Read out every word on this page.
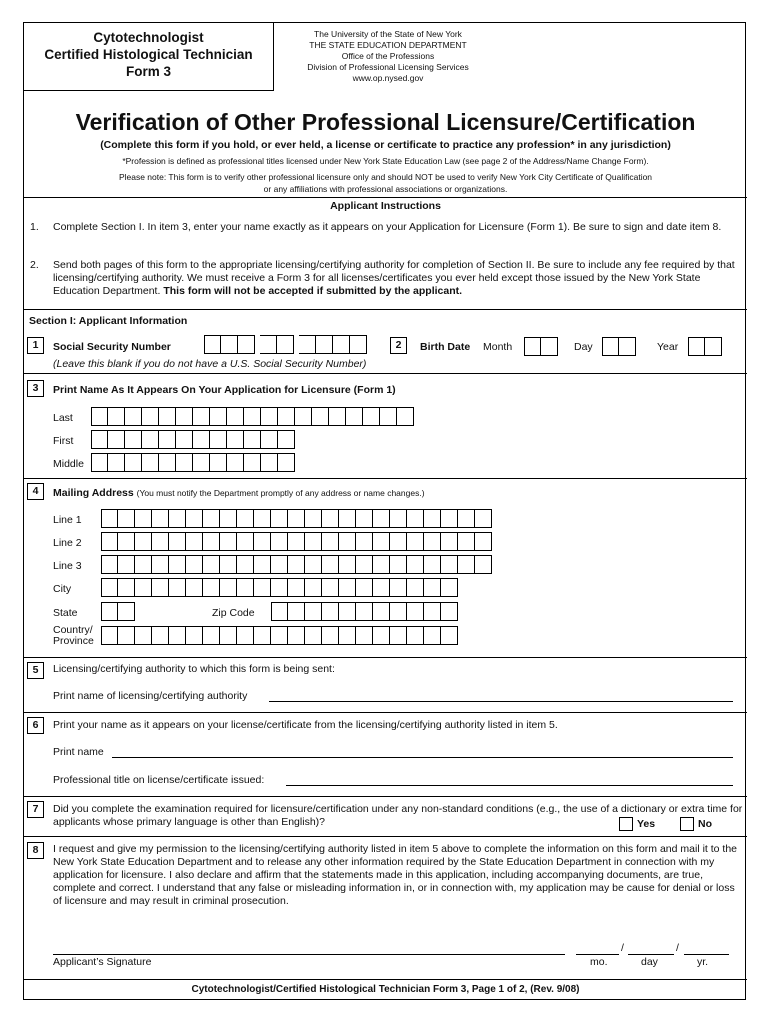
Cytotechnologist
Certified Histological Technician
Form 3
The University of the State of New York
THE STATE EDUCATION DEPARTMENT
Office of the Professions
Division of Professional Licensing Services
www.op.nysed.gov
Verification of Other Professional Licensure/Certification
(Complete this form if you hold, or ever held, a license or certificate to practice any profession* in any jurisdiction)
*Profession is defined as professional titles licensed under New York State Education Law (see page 2 of the Address/Name Change Form).
Please note: This form is to verify other professional licensure only and should NOT be used to verify New York City Certificate of Qualification
or any affiliations with professional associations or organizations.
Applicant Instructions
1. Complete Section I. In item 3, enter your name exactly as it appears on your Application for Licensure (Form 1). Be sure to sign and date item 8.
2. Send both pages of this form to the appropriate licensing/certifying authority for completion of Section II. Be sure to include any fee required by that licensing/certifying authority. We must receive a Form 3 for all licenses/certificates you ever held except those issued by the New York State Education Department. This form will not be accepted if submitted by the applicant.
Section I: Applicant Information
1	Social Security Number
(Leave this blank if you do not have a U.S. Social Security Number)
2	Birth Date Month	Day	Year
3	Print Name As It Appears On Your Application for Licensure (Form 1)
Last
First
Middle
4	Mailing Address (You must notify the Department promptly of any address or name changes.)
Line 1
Line 2
Line 3
City
State	Zip Code
Country/
Province
5	Licensing/certifying authority to which this form is being sent:
Print name of licensing/certifying authority
6	Print your name as it appears on your license/certificate from the licensing/certifying authority listed in item 5.
Print name
Professional title on license/certificate issued:
7	Did you complete the examination required for licensure/certification under any non-standard conditions (e.g., the use of a dictionary or extra time for applicants whose primary language is other than English)?	Yes	No
8	I request and give my permission to the licensing/certifying authority listed in item 5 above to complete the information on this form and mail it to the New York State Education Department and to release any other information required by the State Education Department in connection with my application for licensure. I also declare and affirm that the statements made in this application, including accompanying documents, are true, complete and correct. I understand that any false or misleading information in, or in connection with, my application may be cause for denial or loss of licensure and may result in criminal prosecution.
Applicant’s Signature
/	/
mo.	day	yr.
Cytotechnologist/Certified Histological Technician Form 3, Page 1 of 2, (Rev. 9/08)
